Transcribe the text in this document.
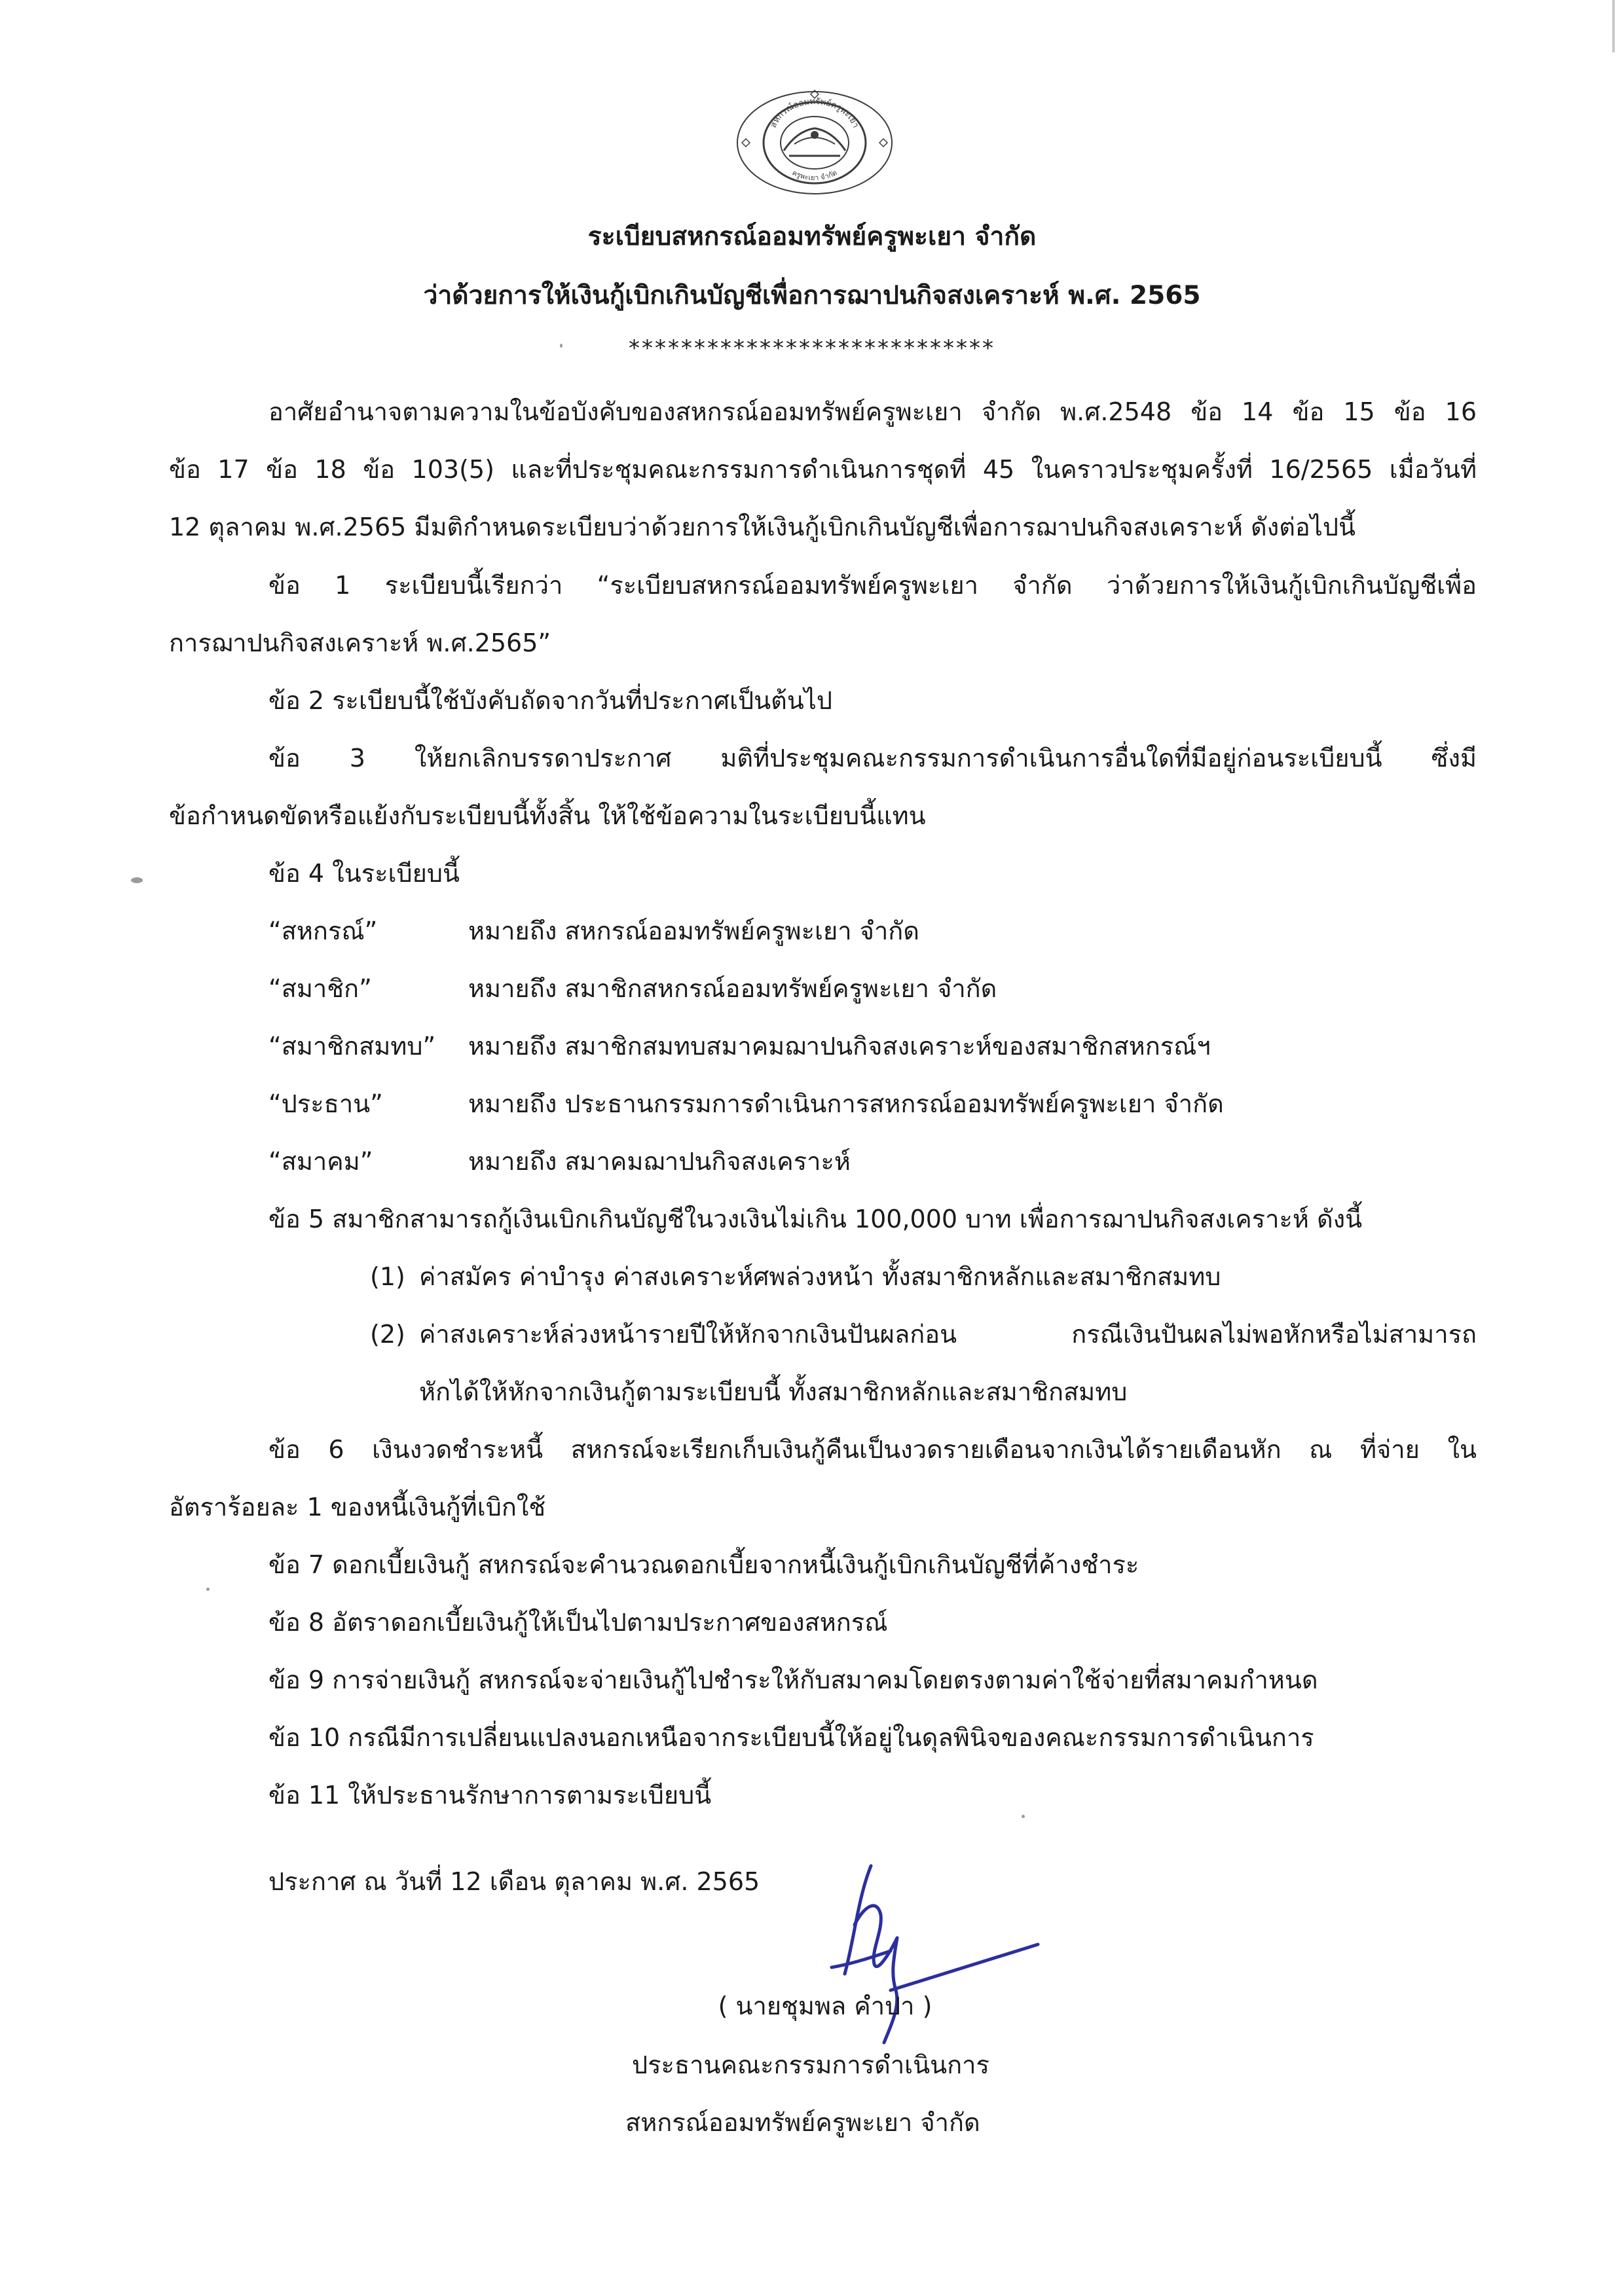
สหกรณ์ออมทรัพย์ครูพะเยา
ครูพะเยา จำกัด
ระเบียบสหกรณ์ออมทรัพย์ครูพะเยา จำกัด
ว่าด้วยการให้เงินกู้เบิกเกินบัญชีเพื่อการฌาปนกิจสงเคราะห์ พ.ศ. 2565
****************************
อาศัยอำนาจตามความในข้อบังคับของสหกรณ์ออมทรัพย์ครูพะเยา จำกัด พ.ศ.2548 ข้อ 14 ข้อ 15 ข้อ 16
ข้อ 17 ข้อ 18 ข้อ 103(5) และที่ประชุมคณะกรรมการดำเนินการชุดที่ 45 ในคราวประชุมครั้งที่ 16/2565 เมื่อวันที่
12 ตุลาคม พ.ศ.2565 มีมติกำหนดระเบียบว่าด้วยการให้เงินกู้เบิกเกินบัญชีเพื่อการฌาปนกิจสงเคราะห์ ดังต่อไปนี้
ข้อ 1 ระเบียบนี้เรียกว่า “ระเบียบสหกรณ์ออมทรัพย์ครูพะเยา จำกัด ว่าด้วยการให้เงินกู้เบิกเกินบัญชีเพื่อ
การฌาปนกิจสงเคราะห์ พ.ศ.2565”
ข้อ 2 ระเบียบนี้ใช้บังคับถัดจากวันที่ประกาศเป็นต้นไป
ข้อ 3 ให้ยกเลิกบรรดาประกาศ มติที่ประชุมคณะกรรมการดำเนินการอื่นใดที่มีอยู่ก่อนระเบียบนี้ ซึ่งมี
ข้อกำหนดขัดหรือแย้งกับระเบียบนี้ทั้งสิ้น ให้ใช้ข้อความในระเบียบนี้แทน
ข้อ 4 ในระเบียบนี้
“สหกรณ์”	หมายถึง สหกรณ์ออมทรัพย์ครูพะเยา จำกัด
“สมาชิก”	หมายถึง สมาชิกสหกรณ์ออมทรัพย์ครูพะเยา จำกัด
“สมาชิกสมทบ” หมายถึง สมาชิกสมทบสมาคมฌาปนกิจสงเคราะห์ของสมาชิกสหกรณ์ฯ
“ประธาน”	หมายถึง ประธานกรรมการดำเนินการสหกรณ์ออมทรัพย์ครูพะเยา จำกัด
“สมาคม”	หมายถึง สมาคมฌาปนกิจสงเคราะห์
ข้อ 5 สมาชิกสามารถกู้เงินเบิกเกินบัญชีในวงเงินไม่เกิน 100,000 บาท เพื่อการฌาปนกิจสงเคราะห์ ดังนี้
(1) ค่าสมัคร ค่าบำรุง ค่าสงเคราะห์ศพล่วงหน้า ทั้งสมาชิกหลักและสมาชิกสมทบ
(2) ค่าสงเคราะห์ล่วงหน้ารายปีให้หักจากเงินปันผลก่อน กรณีเงินปันผลไม่พอหักหรือไม่สามารถ
หักได้ให้หักจากเงินกู้ตามระเบียบนี้ ทั้งสมาชิกหลักและสมาชิกสมทบ
ข้อ 6 เงินงวดชำระหนี้ สหกรณ์จะเรียกเก็บเงินกู้คืนเป็นงวดรายเดือนจากเงินได้รายเดือนหัก ณ ที่จ่าย ใน
อัตราร้อยละ 1 ของหนี้เงินกู้ที่เบิกใช้
ข้อ 7 ดอกเบี้ยเงินกู้ สหกรณ์จะคำนวณดอกเบี้ยจากหนี้เงินกู้เบิกเกินบัญชีที่ค้างชำระ
ข้อ 8 อัตราดอกเบี้ยเงินกู้ให้เป็นไปตามประกาศของสหกรณ์
ข้อ 9 การจ่ายเงินกู้ สหกรณ์จะจ่ายเงินกู้ไปชำระให้กับสมาคมโดยตรงตามค่าใช้จ่ายที่สมาคมกำหนด
ข้อ 10 กรณีมีการเปลี่ยนแปลงนอกเหนือจากระเบียบนี้ให้อยู่ในดุลพินิจของคณะกรรมการดำเนินการ
ข้อ 11 ให้ประธานรักษาการตามระเบียบนี้
ประกาศ ณ วันที่ 12 เดือน ตุลาคม พ.ศ. 2565
( นายชุมพล คำปา )
ประธานคณะกรรมการดำเนินการ
สหกรณ์ออมทรัพย์ครูพะเยา จำกัด
